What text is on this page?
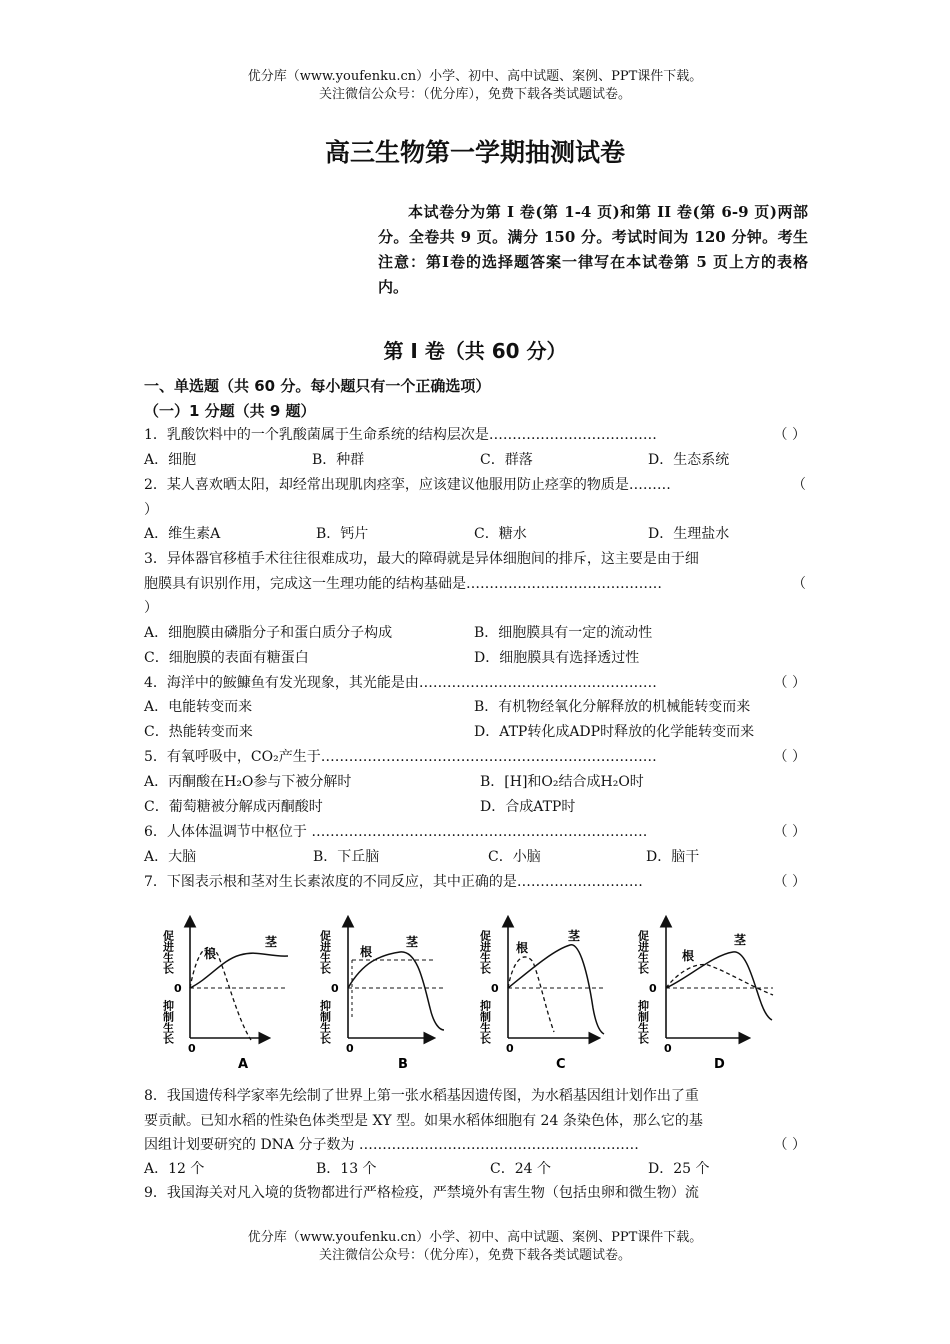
优分库（www.youfenku.cn）小学、初中、高中试题、案例、PPT课件下载。
关注微信公众号：（优分库），免费下载各类试题试卷。
高三生物第一学期抽测试卷
本试卷分为第 I 卷(第 1-4 页)和第 II 卷(第 6-9 页)两部分。全卷共 9 页。满分 150 分。考试时间为 120 分钟。考生注意：第I卷的选择题答案一律写在本试卷第 5 页上方的表格内。
第 I 卷（共 60 分）
一、单选题（共 60 分。每小题只有一个正确选项）
（一）1 分题（共 9 题）
1．乳酸饮料中的一个乳酸菌属于生命系统的结构层次是………………………………	（ ）
A．细胞	B．种群	C．群落	D．生态系统
2．某人喜欢晒太阳，却经常出现肌肉痉挛，应该建议他服用防止痉挛的物质是………	（
）
A．维生素A	B．钙片	C．糖水	D．生理盐水
3．异体器官移植手术往往很难成功，最大的障碍就是异体细胞间的排斥，这主要是由于细
胞膜具有识别作用，完成这一生理功能的结构基础是……………………………………	（
）
A．细胞膜由磷脂分子和蛋白质分子构成	B．细胞膜具有一定的流动性
C．细胞膜的表面有糖蛋白	D．细胞膜具有选择透过性
4．海洋中的鮟鱇鱼有发光现象，其光能是由……………………………………………	（ ）
A．电能转变而来	B．有机物经氧化分解释放的机械能转变而来
C．热能转变而来	D．ATP转化成ADP时释放的化学能转变而来
5．有氧呼吸中，CO₂产生于………………………………………………………………	（ ）
A．丙酮酸在H₂O参与下被分解时	B．[H]和O₂结合成H₂O时
C．葡萄糖被分解成丙酮酸时	D．合成ATP时
6．人体体温调节中枢位于 ………………………………………………………………	（ ）
A．大脑	B．下丘脑	C．小脑	D．脑干
7．下图表示根和茎对生长素浓度的不同反应，其中正确的是………………………	（ ）
促进生长
0
抑制生长
根
茎
0
A
促进生长
0
抑制生长
根
茎
0
B
促进生长
0
抑制生长
根
茎
0
C
促进生长
0
抑制生长
根
茎
0
D
8．我国遗传科学家率先绘制了世界上第一张水稻基因遗传图，为水稻基因组计划作出了重
要贡献。已知水稻的性染色体类型是 XY 型。如果水稻体细胞有 24 条染色体，那么它的基
因组计划要研究的 DNA 分子数为 ……………………………………………………	（ ）
A．12 个	B．13 个	C．24 个	D．25 个
9．我国海关对凡入境的货物都进行严格检疫，严禁境外有害生物（包括虫卵和微生物）流
优分库（www.youfenku.cn）小学、初中、高中试题、案例、PPT课件下载。
关注微信公众号：（优分库），免费下载各类试题试卷。
